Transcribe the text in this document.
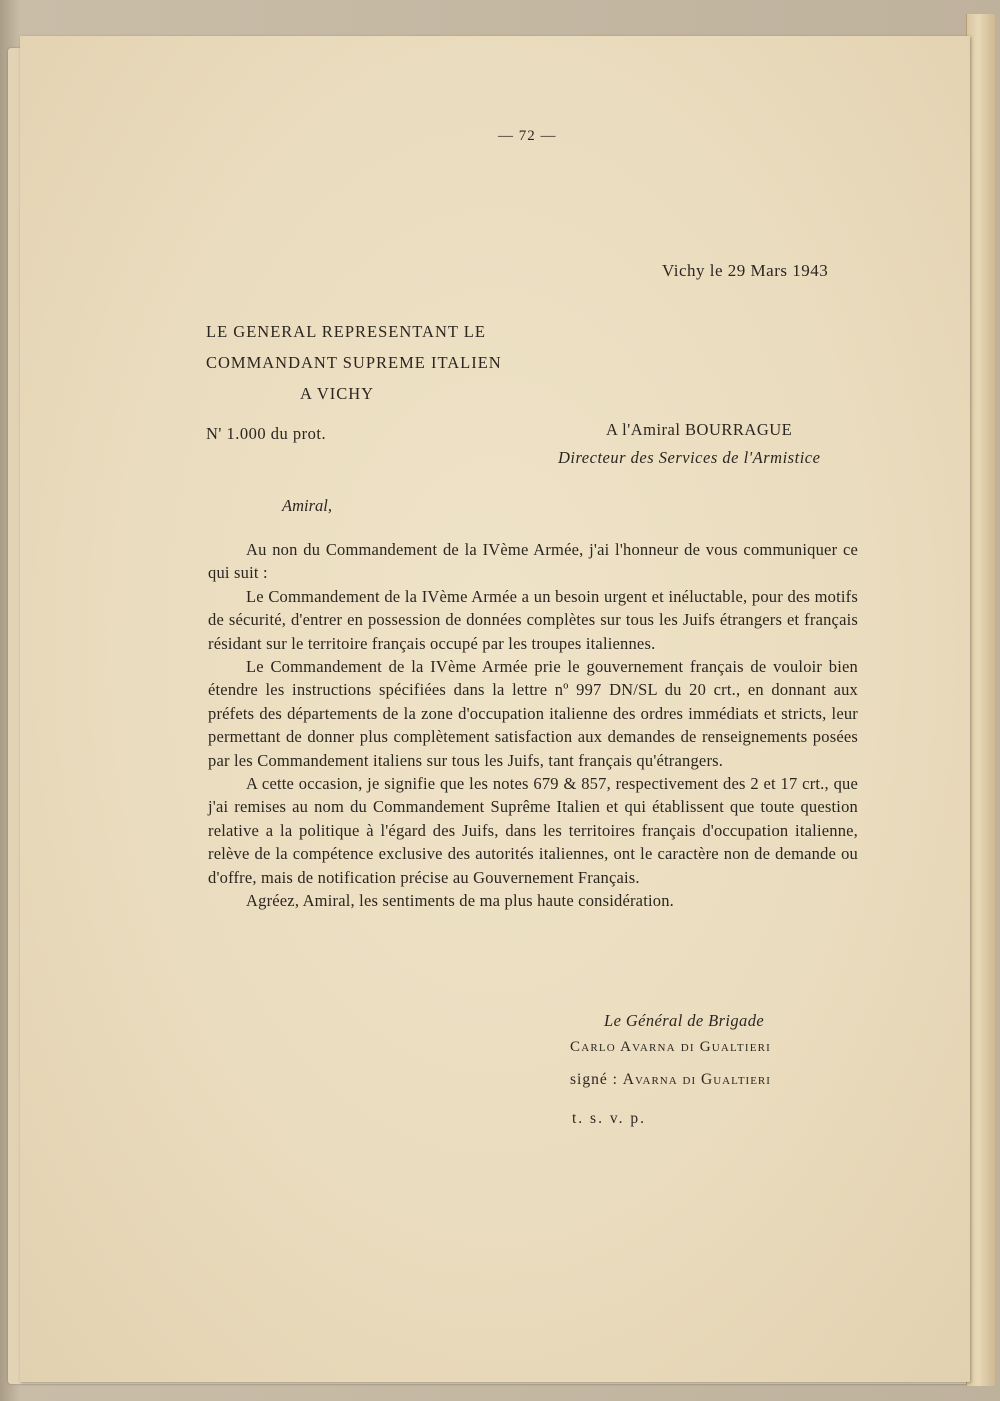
— 72 —
Vichy le 29 Mars 1943
LE GENERAL REPRESENTANT LE
COMMANDANT SUPREME ITALIEN
A VICHY
N' 1.000 du prot.	A l'Amiral BOURRAGUE
Directeur des Services de l'Armistice
Amiral,

Au non du Commandement de la IVème Armée, j'ai l'honneur de vous communiquer ce qui suit :

Le Commandement de la IVème Armée a un besoin urgent et inéluctable, pour des motifs de sécurité, d'entrer en possession de données complètes sur tous les Juifs étrangers et français résidant sur le territoire français occupé par les troupes italiennes.

Le Commandement de la IVème Armée prie le gouvernement français de vouloir bien étendre les instructions spécifiées dans la lettre nº 997 DN/SL du 20 crt., en donnant aux préfets des départements de la zone d'occupation italienne des ordres immédiats et stricts, leur permettant de donner plus complètement satisfaction aux demandes de renseignements posées par les Commandement italiens sur tous les Juifs, tant français qu'étrangers.

A cette occasion, je signifie que les notes 679 & 857, respectivement des 2 et 17 crt., que j'ai remises au nom du Commandement Suprême Italien et qui établissent que toute question relative a la politique à l'égard des Juifs, dans les territoires français d'occupation italienne, relève de la compétence exclusive des autorités italiennes, ont le caractère non de demande ou d'offre, mais de notification précise au Gouvernement Français.

Agréez, Amiral, les sentiments de ma plus haute considération.

Le Général de Brigade
Carlo Avarna di Gualtieri
signé : Avarna di Gualtieri
t. s. v. p.
